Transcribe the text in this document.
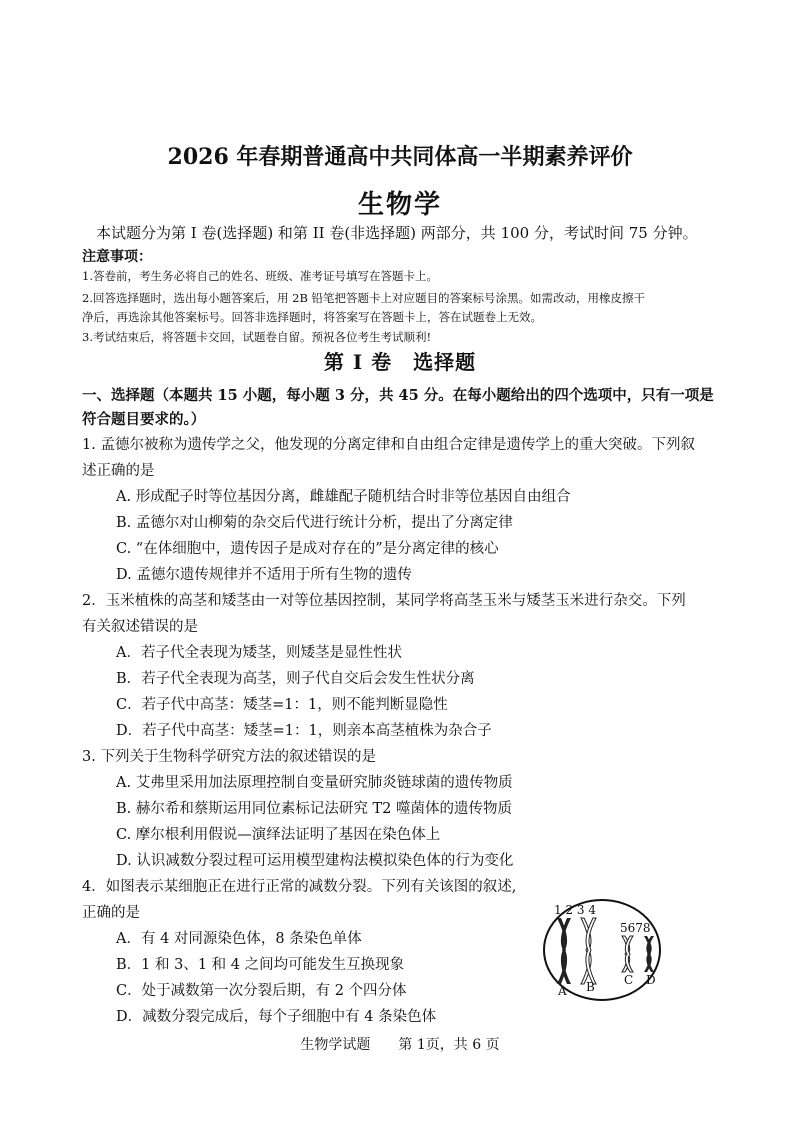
2026 年春期普通高中共同体高一半期素养评价
生物学
本试题分为第 I 卷(选择题) 和第 II 卷(非选择题) 两部分，共 100 分，考试时间 75 分钟。
注意事项：
1.答卷前，考生务必将自己的姓名、班级、准考证号填写在答题卡上。
2.回答选择题时，选出每小题答案后，用 2B 铅笔把答题卡上对应题目的答案标号涂黑。如需改动，用橡皮擦干
净后，再选涂其他答案标号。回答非选择题时，将答案写在答题卡上，答在试题卷上无效。
3.考试结束后，将答题卡交回，试题卷自留。预祝各位考生考试顺利!
第 I 卷　选择题
一、选择题（本题共 15 小题，每小题 3 分，共 45 分。在每小题给出的四个选项中，只有一项是
符合题目要求的。）
1. 孟德尔被称为遗传学之父，他发现的分离定律和自由组合定律是遗传学上的重大突破。下列叙
述正确的是
A. 形成配子时等位基因分离，雌雄配子随机结合时非等位基因自由组合
B. 孟德尔对山柳菊的杂交后代进行统计分析，提出了分离定律
C. “在体细胞中，遗传因子是成对存在的”是分离定律的核心
D. 孟德尔遗传规律并不适用于所有生物的遗传
2．玉米植株的高茎和矮茎由一对等位基因控制，某同学将高茎玉米与矮茎玉米进行杂交。下列
有关叙述错误的是
A．若子代全表现为矮茎，则矮茎是显性性状
B．若子代全表现为高茎，则子代自交后会发生性状分离
C．若子代中高茎：矮茎=1：1，则不能判断显隐性
D．若子代中高茎：矮茎=1：1，则亲本高茎植株为杂合子
3. 下列关于生物科学研究方法的叙述错误的是
A. 艾弗里采用加法原理控制自变量研究肺炎链球菌的遗传物质
B. 赫尔希和蔡斯运用同位素标记法研究 T2 噬菌体的遗传物质
C. 摩尔根利用假说—演绎法证明了基因在染色体上
D. 认识减数分裂过程可运用模型建构法模拟染色体的行为变化
4．如图表示某细胞正在进行正常的减数分裂。下列有关该图的叙述,
正确的是
A．有 4 对同源染色体，8 条染色单体
B．1 和 3、1 和 4 之间均可能发生互换现象
C．处于减数第一次分裂后期，有 2 个四分体
D．减数分裂完成后，每个子细胞中有 4 条染色体
1 2 3 4
5678
A B C D
生物学试题　　第 1页，共 6 页
